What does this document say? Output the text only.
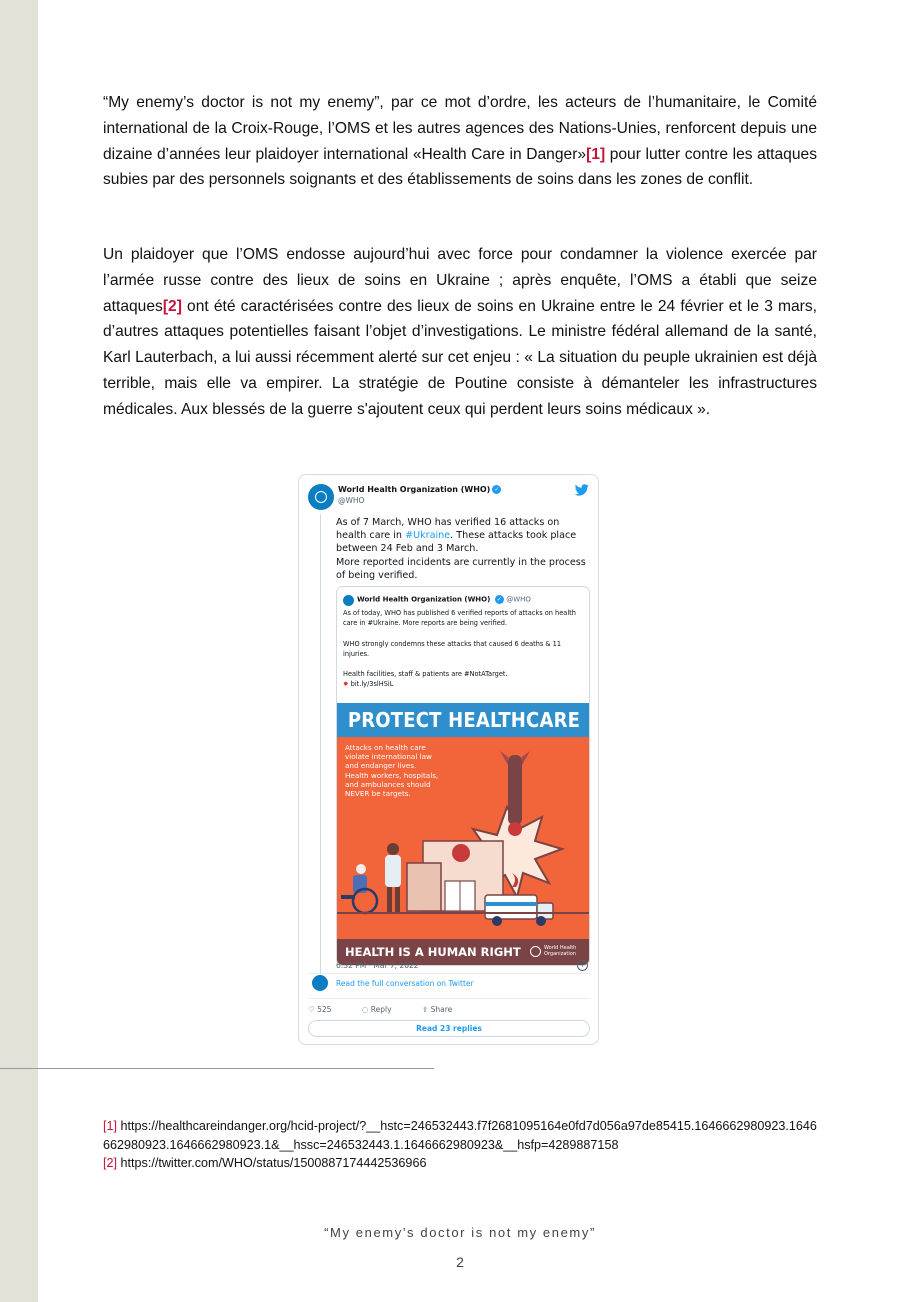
“My enemy’s doctor is not my enemy”, par ce mot d’ordre, les acteurs de l’humanitaire, le Comité international de la Croix-Rouge, l’OMS et les autres agences des Nations-Unies, renforcent depuis une dizaine d’années leur plaidoyer international «Health Care in Danger»[1] pour lutter contre les attaques subies par des personnels soignants et des établissements de soins dans les zones de conflit.

Un plaidoyer que l’OMS endosse aujourd’hui avec force pour condamner la violence exercée par l’armée russe contre des lieux de soins en Ukraine ; après enquête, l’OMS a établi que seize attaques[2] ont été caractérisées contre des lieux de soins en Ukraine entre le 24 février et le 3 mars, d’autres attaques potentielles faisant l’objet d’investigations. Le ministre fédéral allemand de la santé, Karl Lauterbach, a lui aussi récemment alerté sur cet enjeu : « La situation du peuple ukrainien est déjà terrible, mais elle va empirer. La stratégie de Poutine consiste à démanteler les infrastructures médicales. Aux blessés de la guerre s'ajoutent ceux qui perdent leurs soins médicaux ».

World Health Organization (WHO) ✓
@WHO
As of 7 March, WHO has verified 16 attacks on health care in #Ukraine. These attacks took place between 24 Feb and 3 March.
More reported incidents are currently in the process of being verified.
World Health Organization (WHO) ✓ @WHO
As of today, WHO has published 6 verified reports of attacks on health care in #Ukraine. More reports are being verified.

WHO strongly condemns these attacks that caused 6 deaths & 11 injuries.

Health facilities, staff & patients are #NotATarget.
✸ bit.ly/3slHSiL
PROTECT HEALTHCARE
Attacks on health care violate international law and endanger lives. Health workers, hospitals, and ambulances should NEVER be targets.
HEALTH IS A HUMAN RIGHT	World Health
Organization
6:32 PM · Mar 7, 2022	i
Read the full conversation on Twitter
♡ 525	◌ Reply	⇧ Share
Read 23 replies

[1] https://healthcareindanger.org/hcid-project/?__hstc=246532443.f7f2681095164e0fd7d056a97de85415.1646662980923.1646662980923.1646662980923.1&__hssc=246532443.1.1646662980923&__hsfp=4289887158

[2] https://twitter.com/WHO/status/1500887174442536966

“My enemy’s doctor is not my enemy”
2
